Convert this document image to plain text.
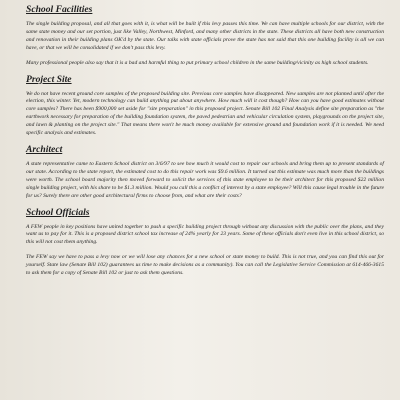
School Facilities

The single building proposal, and all that goes with it, is what will be built if this levy passes this time. We can have multiple schools for our district, with the same state money and our set portion, just like Valley, Northwest, Minford, and many other districts in the state. These districts all have both new construction and renovation in their building plans OK'd by the state. Our talks with state officials prove the state has not said that this one building facility is all we can have, or that we will be consolidated if we don't pass this levy.

Many professional people also say that it is a bad and harmful thing to put primary school children in the same building/vicinity as high school students.

Project Site

We do not have recent ground core samples of the proposed building site. Previous core samples have disappeared. New samples are not planned until after the election, this winter. Yet, modern technology can build anything put about anywhere. How much will it cost though? How can you have good estimates without core samples? There has been $900,000 set aside for "site preparation" in this proposed project. Senate Bill 102 Final Analysis define site preparation as "the earthwork necessary for preparation of the building foundation system, the paved pedestrian and vehicular circulation system, playgrounds on the project site, and lawn & planting on the project site." That means there won't be much money available for extensive ground and foundation work if it is needed. We need specific analysis and estimates.

Architect

A state representative came to Eastern School district on 3/6/97 to see how much it would cost to repair our schools and bring them up to present standards of our state. According to the state report, the estimated cost to do this repair work was $9.6 million. It turned out this estimate was much more than the buildings were worth. The school board majority then moved forward to solicit the services of this state employee to be their architect for this proposed $22 million single building project, with his share to be $1.3 million. Would you call this a conflict of interest by a state employee? Will this cause legal trouble in the future for us? Surely there are other good architectural firms to choose from, and what are their costs?

School Officials

A FEW people in key positions have united together to push a specific building project through without any discussion with the public over the plans, and they want us to pay for it. This is a proposed district school tax increase of 24% yearly for 23 years. Some of these officials don't even live in this school district, so this will not cost them anything.

The FEW say we have to pass a levy now or we will lose any chances for a new school or state money to build. This is not true, and you can find this out for yourself. State law (Senate Bill 102) guarantees us time to make decisions as a community). You can call the Legislative Service Commission at 614-466-3615 to ask them for a copy of Senate Bill 102 or just to ask them questions.
